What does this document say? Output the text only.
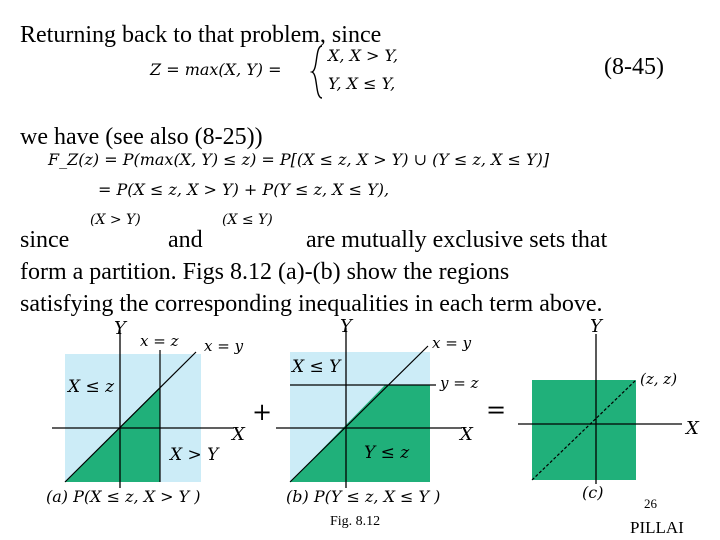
Returning back to that problem, since
Z = max(X, Y) =
X, X > Y,
Y, X ≤ Y,
(8-45)
we have (see also (8-25))
F_Z(z) = P(max(X, Y) ≤ z) = P[(X ≤ z, X > Y) ∪ (Y ≤ z, X ≤ Y)]
= P(X ≤ z, X > Y) + P(Y ≤ z, X ≤ Y),
since
(X > Y)
and
(X ≤ Y)
are mutually exclusive sets that
form a partition. Figs 8.12 (a)-(b) show the regions
satisfying the corresponding inequalities in each term above.
Y
X
x = z x = y
X ≤ z
X > Y
(a) P(X ≤ z, X > Y )
+
Y
X
x = y
y = z
X ≤ Y
Y ≤ z
(b) P(Y ≤ z, X ≤ Y )
=
Y
X
(z, z)
(c)
Fig. 8.12
26
PILLAI
